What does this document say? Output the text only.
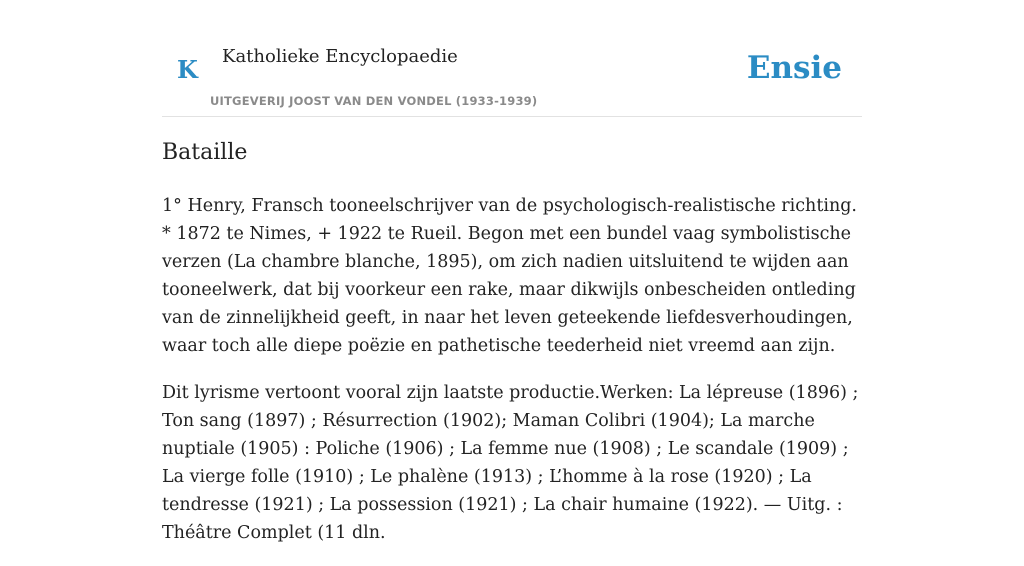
K Katholieke Encyclopaedie
UITGEVERIJ JOOST VAN DEN VONDEL (1933-1939)
Ensie
Bataille

1° Henry, Fransch tooneelschrijver van de psychologisch-realistische richting. * 1872 te Nimes, + 1922 te Rueil. Begon met een bundel vaag symbolistische verzen (La chambre blanche, 1895), om zich nadien uitsluitend te wijden aan tooneelwerk, dat bij voorkeur een rake, maar dikwijls onbescheiden ontleding van de zinnelijkheid geeft, in naar het leven geteekende liefdesverhoudingen, waar toch alle diepe poëzie en pathetische teederheid niet vreemd aan zijn.

Dit lyrisme vertoont vooral zijn laatste productie.Werken: La lépreuse (1896) ; Ton sang (1897) ; Résurrection (1902); Maman Colibri (1904); La marche nuptiale (1905) : Poliche (1906) ; La femme nue (1908) ; Le scandale (1909) ; La vierge folle (1910) ; Le phalène (1913) ; L’homme à la rose (1920) ; La tendresse (1921) ; La possession (1921) ; La chair humaine (1922). — Uitg. : Théâtre Complet (11 dln.
